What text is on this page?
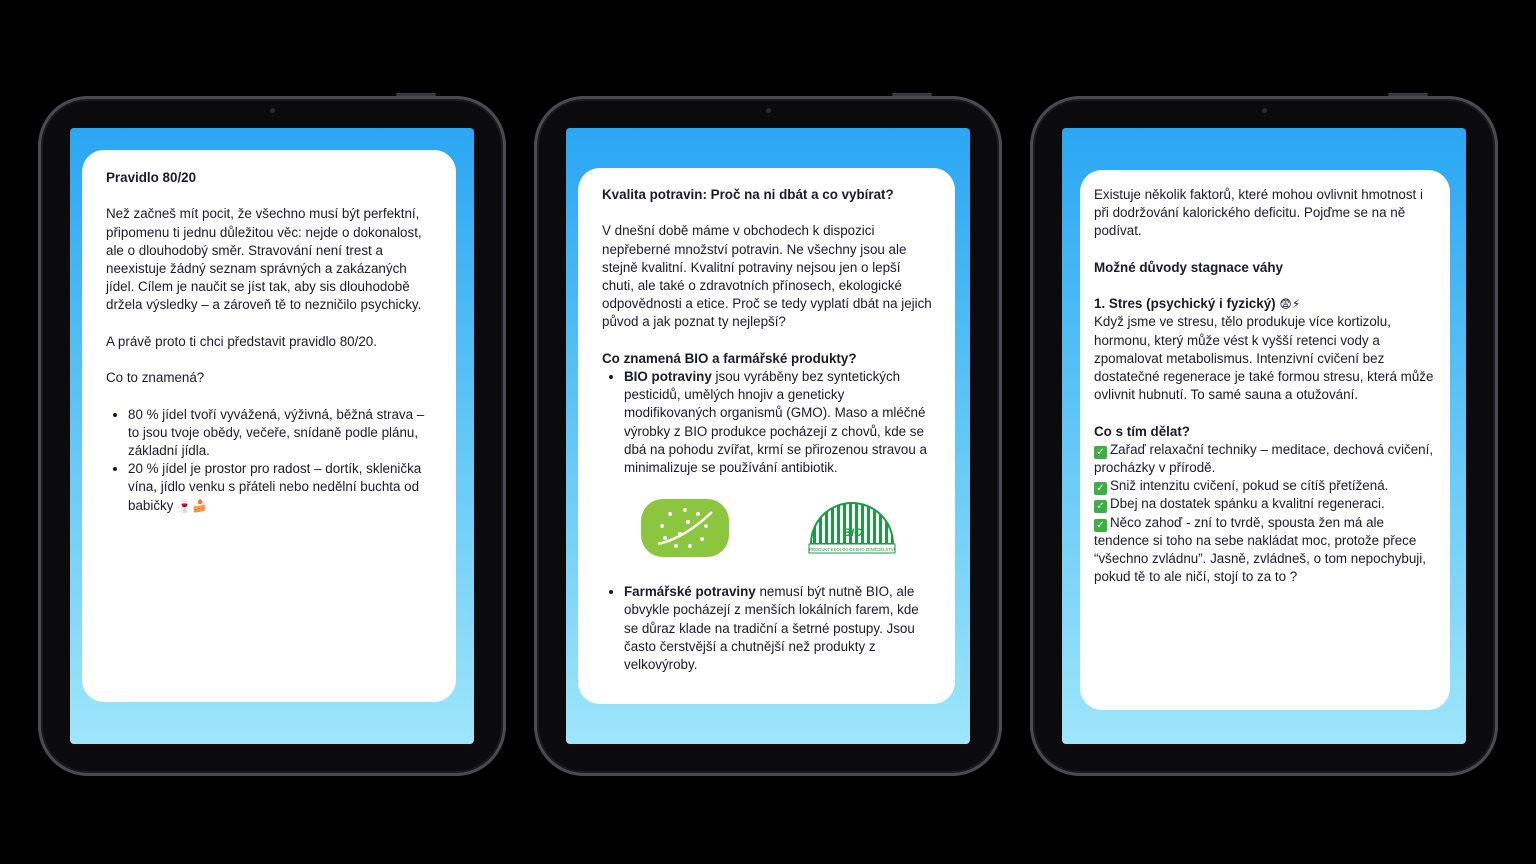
Pravidlo 80/20

Než začneš mít pocit, že všechno musí být perfektní, připomenu ti jednu důležitou věc: nejde o dokonalost, ale o dlouhodobý směr. Stravování není trest a neexistuje žádný seznam správných a zakázaných jídel. Cílem je naučit se jíst tak, aby sis dlouhodobě držela výsledky – a zároveň tě to nezničilo psychicky.

A právě proto ti chci představit pravidlo 80/20.

Co to znamená?

• 80 % jídel tvoří vyvážená, výživná, běžná strava – to jsou tvoje obědy, večeře, snídaně podle plánu, základní jídla.
• 20 % jídel je prostor pro radost – dortík, sklenička vína, jídlo venku s přáteli nebo nedělní buchta od babičky 🍷🍰

Kvalita potravin: Proč na ni dbát a co vybírat?

V dnešní době máme v obchodech k dispozici nepřeberné množství potravin. Ne všechny jsou ale stejně kvalitní. Kvalitní potraviny nejsou jen o lepší chuti, ale také o zdravotních přínosech, ekologické odpovědnosti a etice. Proč se tedy vyplatí dbát na jejich původ a jak poznat ty nejlepší?

Co znamená BIO a farmářské produkty?

• BIO potraviny jsou vyráběny bez syntetických pesticidů, umělých hnojiv a geneticky modifikovaných organismů (GMO). Maso a mléčné výrobky z BIO produkce pocházejí z chovů, kde se dbá na pohodu zvířat, krmí se přirozenou stravou a minimalizuje se používání antibiotik.
BIO
PRODUKT EKOLOGICKÉHO ZEMĚDĚLSTVÍ
• Farmářské potraviny nemusí být nutně BIO, ale obvykle pocházejí z menších lokálních farem, kde se důraz klade na tradiční a šetrné postupy. Jsou často čerstvější a chutnější než produkty z velkovýroby.

Existuje několik faktorů, které mohou ovlivnit hmotnost i při dodržování kalorického deficitu. Pojďme se na ně podívat.

Možné důvody stagnace váhy

1. Stres (psychický i fyzický) 😨⚡

Když jsme ve stresu, tělo produkuje více kortizolu, hormonu, který může vést k vyšší retenci vody a zpomalovat metabolismus. Intenzivní cvičení bez dostatečné regenerace je také formou stresu, která může ovlivnit hubnutí. To samé sauna a otužování.

Co s tím dělat?

✓ Zařaď relaxační techniky – meditace, dechová cvičení, procházky v přírodě.

✓ Sniž intenzitu cvičení, pokud se cítíš přetížená.

✓ Dbej na dostatek spánku a kvalitní regeneraci.

✓ Něco zahoď - zní to tvrdě, spousta žen má ale tendence si toho na sebe nakládat moc, protože přece “všechno zvládnu”. Jasně, zvládneš, o tom nepochybuji, pokud tě to ale ničí, stojí to za to ?
